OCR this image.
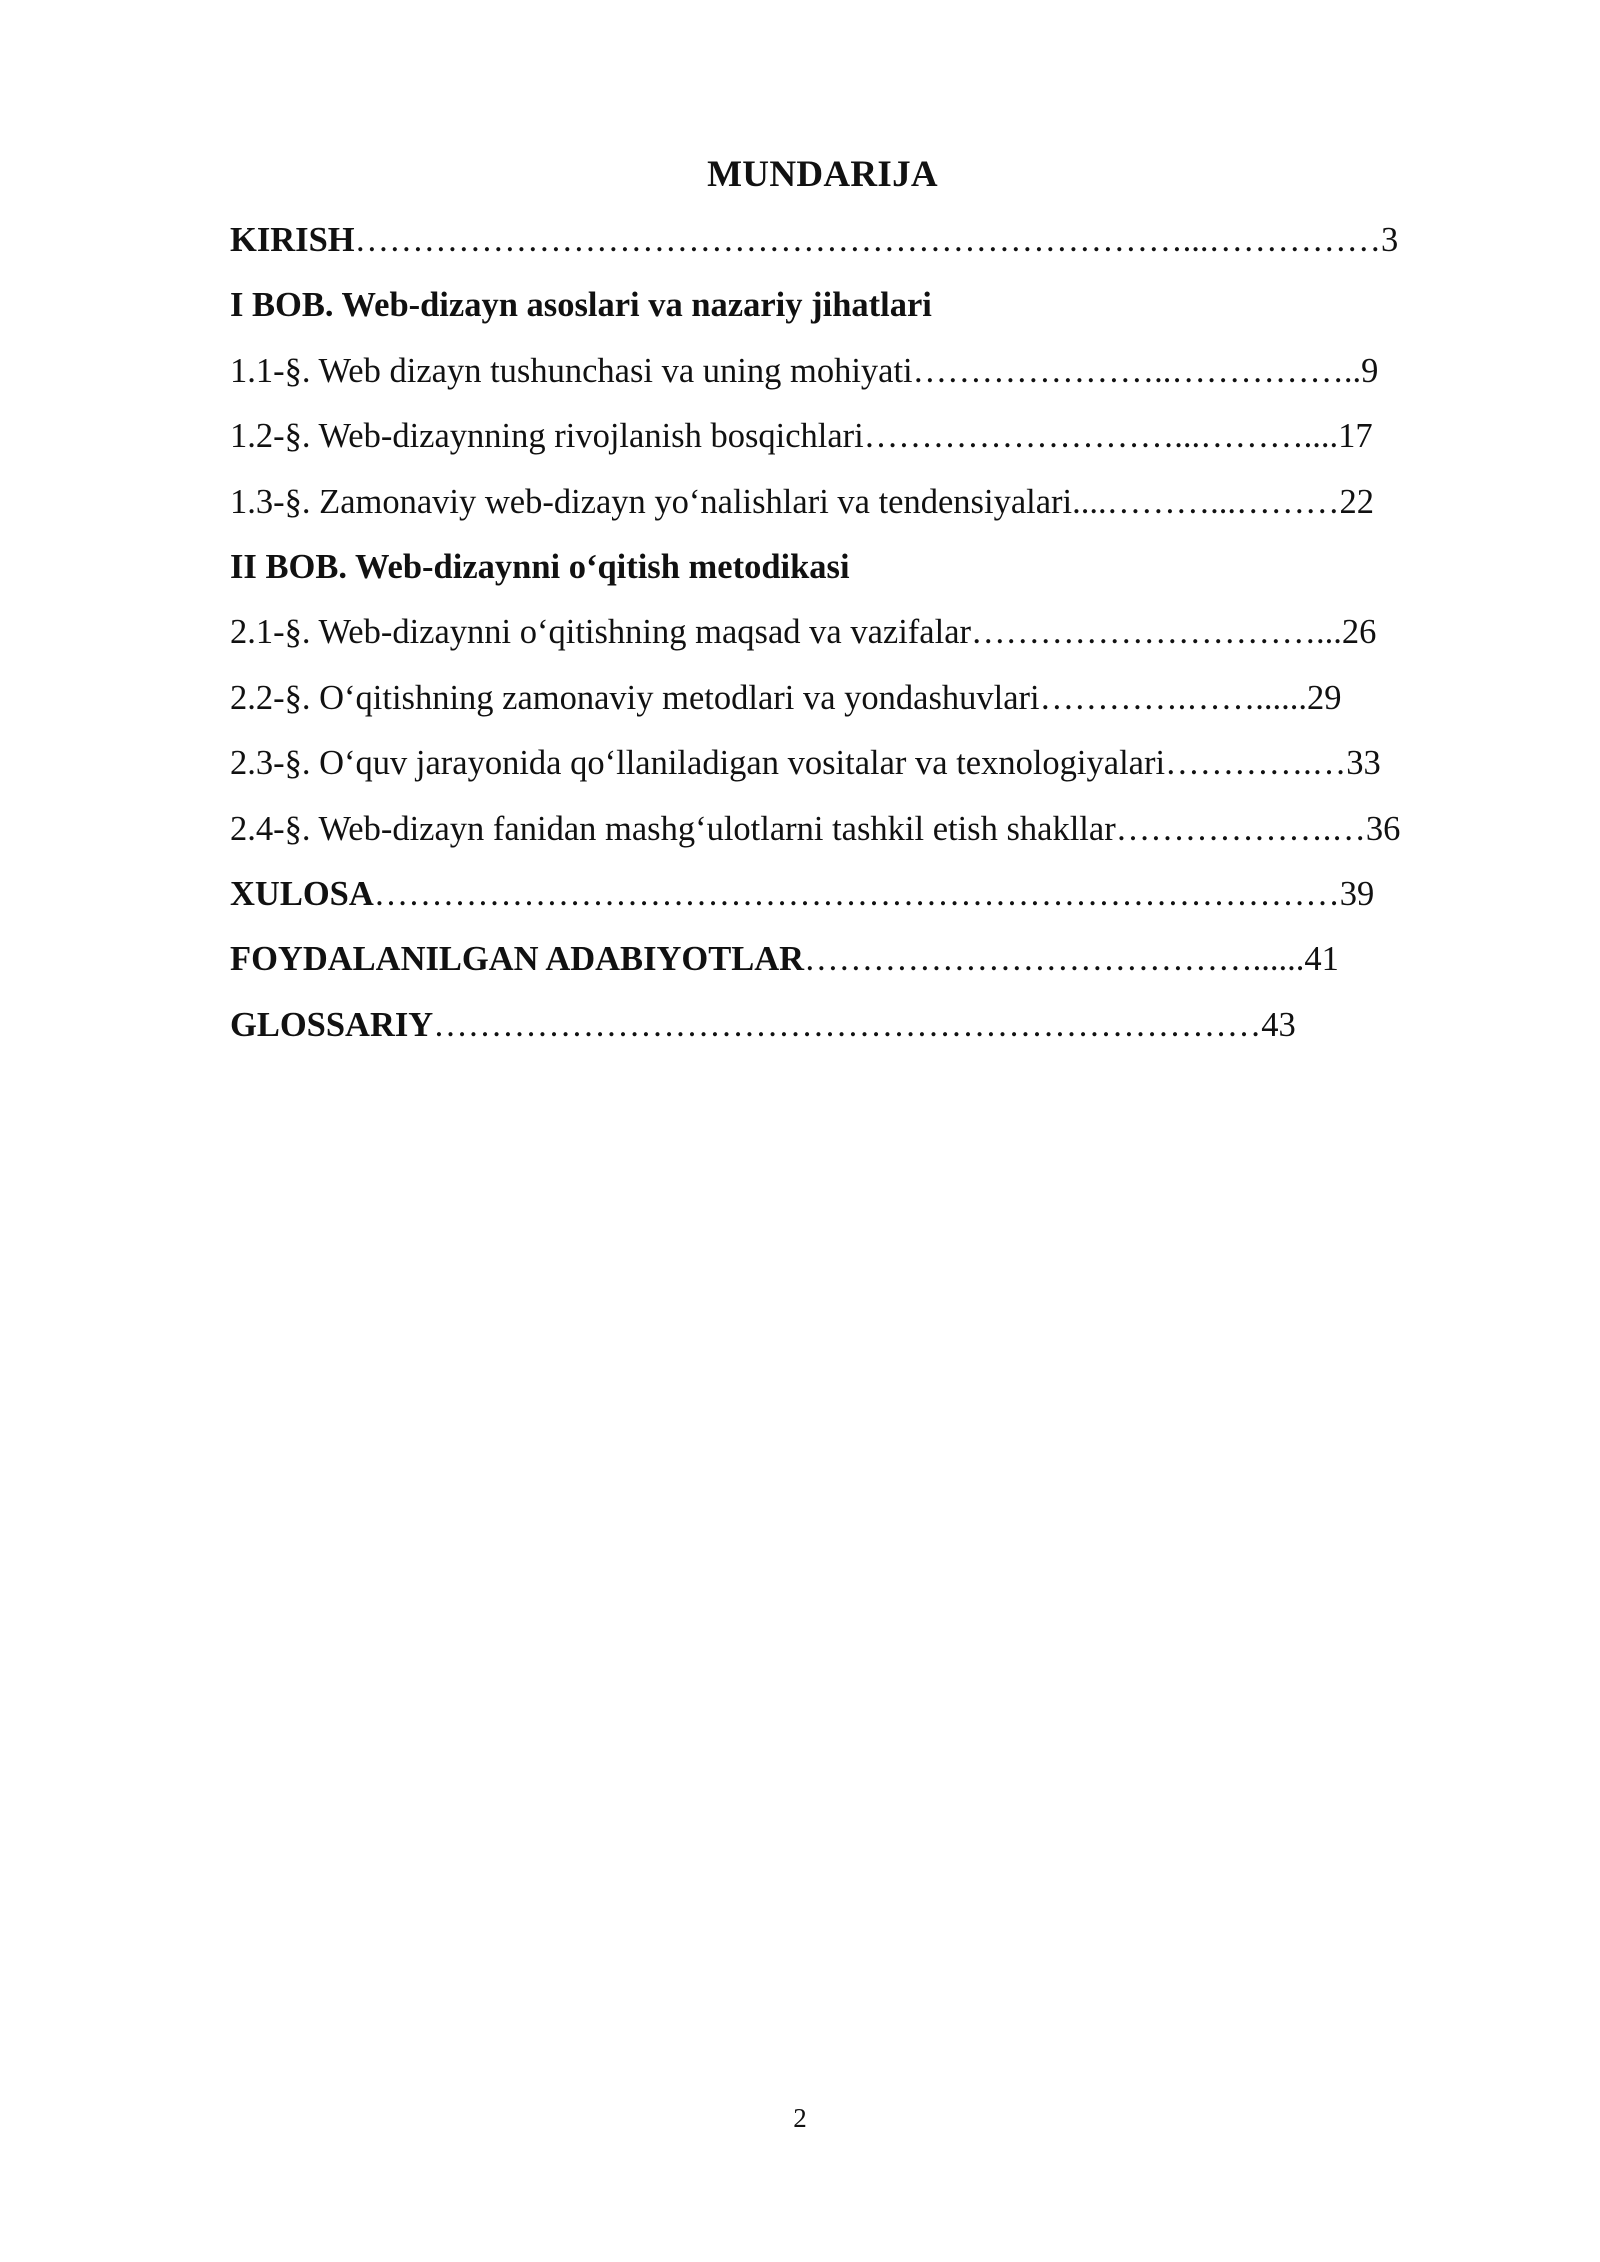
MUNDARIJA
KIRISH………………………………………………………………...……………3
I BOB. Web-dizayn asoslari va nazariy jihatlari
1.1-§. Web dizayn tushunchasi va uning mohiyati…………………..……………..9
1.2-§. Web-dizaynning rivojlanish bosqichlari………………………...………....17
1.3-§. Zamonaviy web-dizayn yo‘nalishlari va tendensiyalari....………...………22
II BOB. Web-dizaynni o‘qitish metodikasi
2.1-§. Web-dizaynni o‘qitishning maqsad va vazifalar…………………………...26
2.2-§. O‘qitishning zamonaviy metodlari va yondashuvlari………….……......29
2.3-§. O‘quv jarayonida qo‘llaniladigan vositalar va texnologiyalari………….…33
2.4-§. Web-dizayn fanidan mashg‘ulotlarni tashkil etish shakllar……………….…36
XULOSA…………………………………………………………………………39
FOYDALANILGAN ADABIYOTLAR…………………………………......41
GLOSSARIY………………………………………………………………43
2
